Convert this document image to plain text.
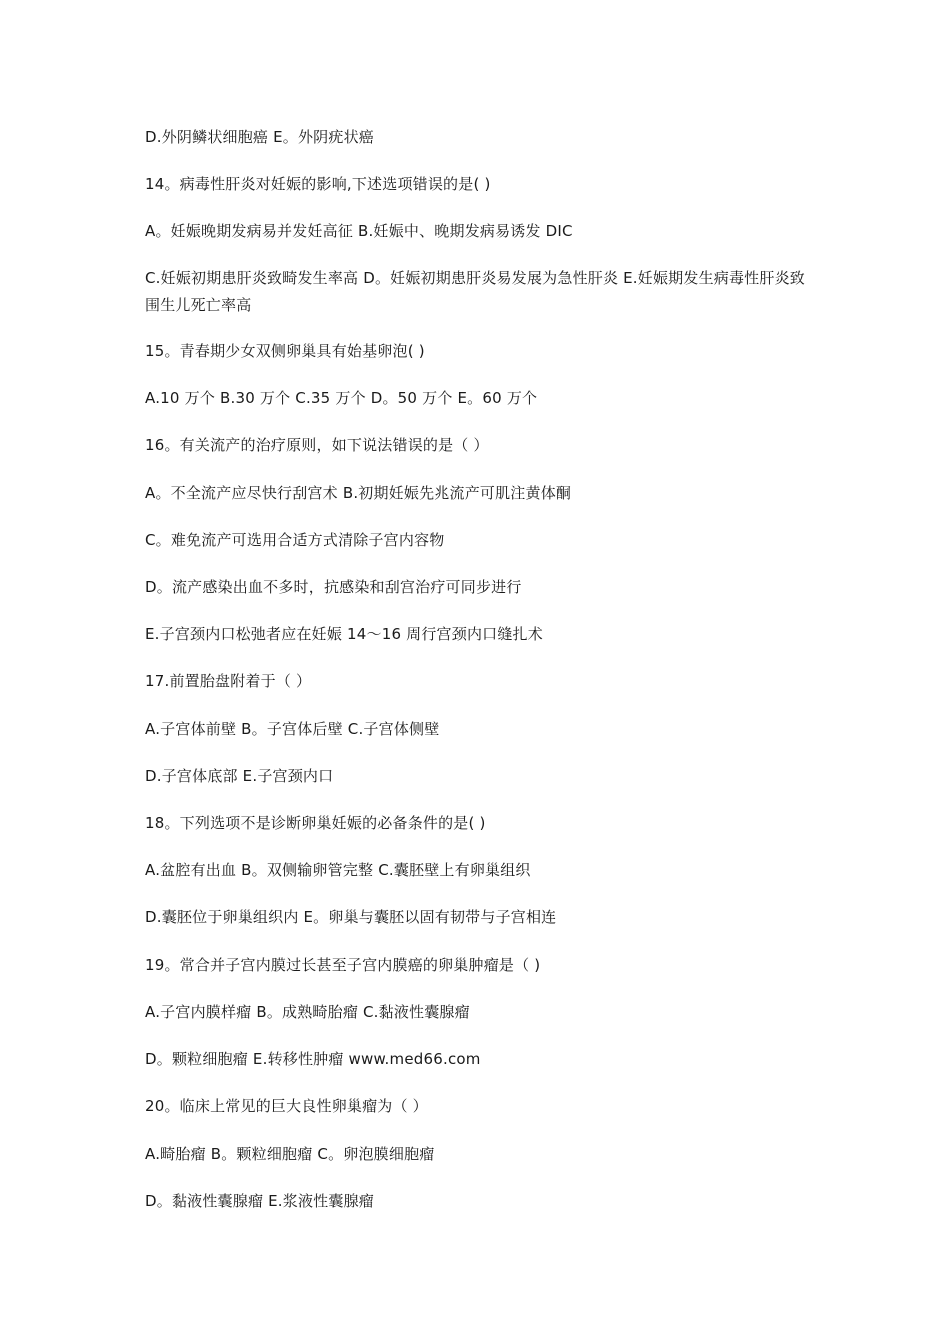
D.外阴鳞状细胞癌 E。外阴疣状癌
14。病毒性肝炎对妊娠的影响,下述选项错误的是( )
A。妊娠晚期发病易并发妊高征 B.妊娠中、晚期发病易诱发 DIC
C.妊娠初期患肝炎致畸发生率高 D。妊娠初期患肝炎易发展为急性肝炎 E.妊娠期发生病毒性肝炎致围生儿死亡率高
15。青春期少女双侧卵巢具有始基卵泡( )
A.10 万个 B.30 万个 C.35 万个 D。50 万个 E。60 万个
16。有关流产的治疗原则，如下说法错误的是（ ）
A。不全流产应尽快行刮宫术 B.初期妊娠先兆流产可肌注黄体酮
C。难免流产可选用合适方式清除子宫内容物
D。流产感染出血不多时，抗感染和刮宫治疗可同步进行
E.子宫颈内口松弛者应在妊娠 14～16 周行宫颈内口缝扎术
17.前置胎盘附着于（ ）
A.子宫体前壁 B。子宫体后壁 C.子宫体侧壁
D.子宫体底部 E.子宫颈内口
18。下列选项不是诊断卵巢妊娠的必备条件的是( )
A.盆腔有出血 B。双侧输卵管完整 C.囊胚壁上有卵巢组织
D.囊胚位于卵巢组织内 E。卵巢与囊胚以固有韧带与子宫相连
19。常合并子宫内膜过长甚至子宫内膜癌的卵巢肿瘤是（ )
A.子宫内膜样瘤 B。成熟畸胎瘤 C.黏液性囊腺瘤
D。颗粒细胞瘤 E.转移性肿瘤 www.med66.com
20。临床上常见的巨大良性卵巢瘤为（ ）
A.畸胎瘤 B。颗粒细胞瘤 C。卵泡膜细胞瘤
D。黏液性囊腺瘤 E.浆液性囊腺瘤
